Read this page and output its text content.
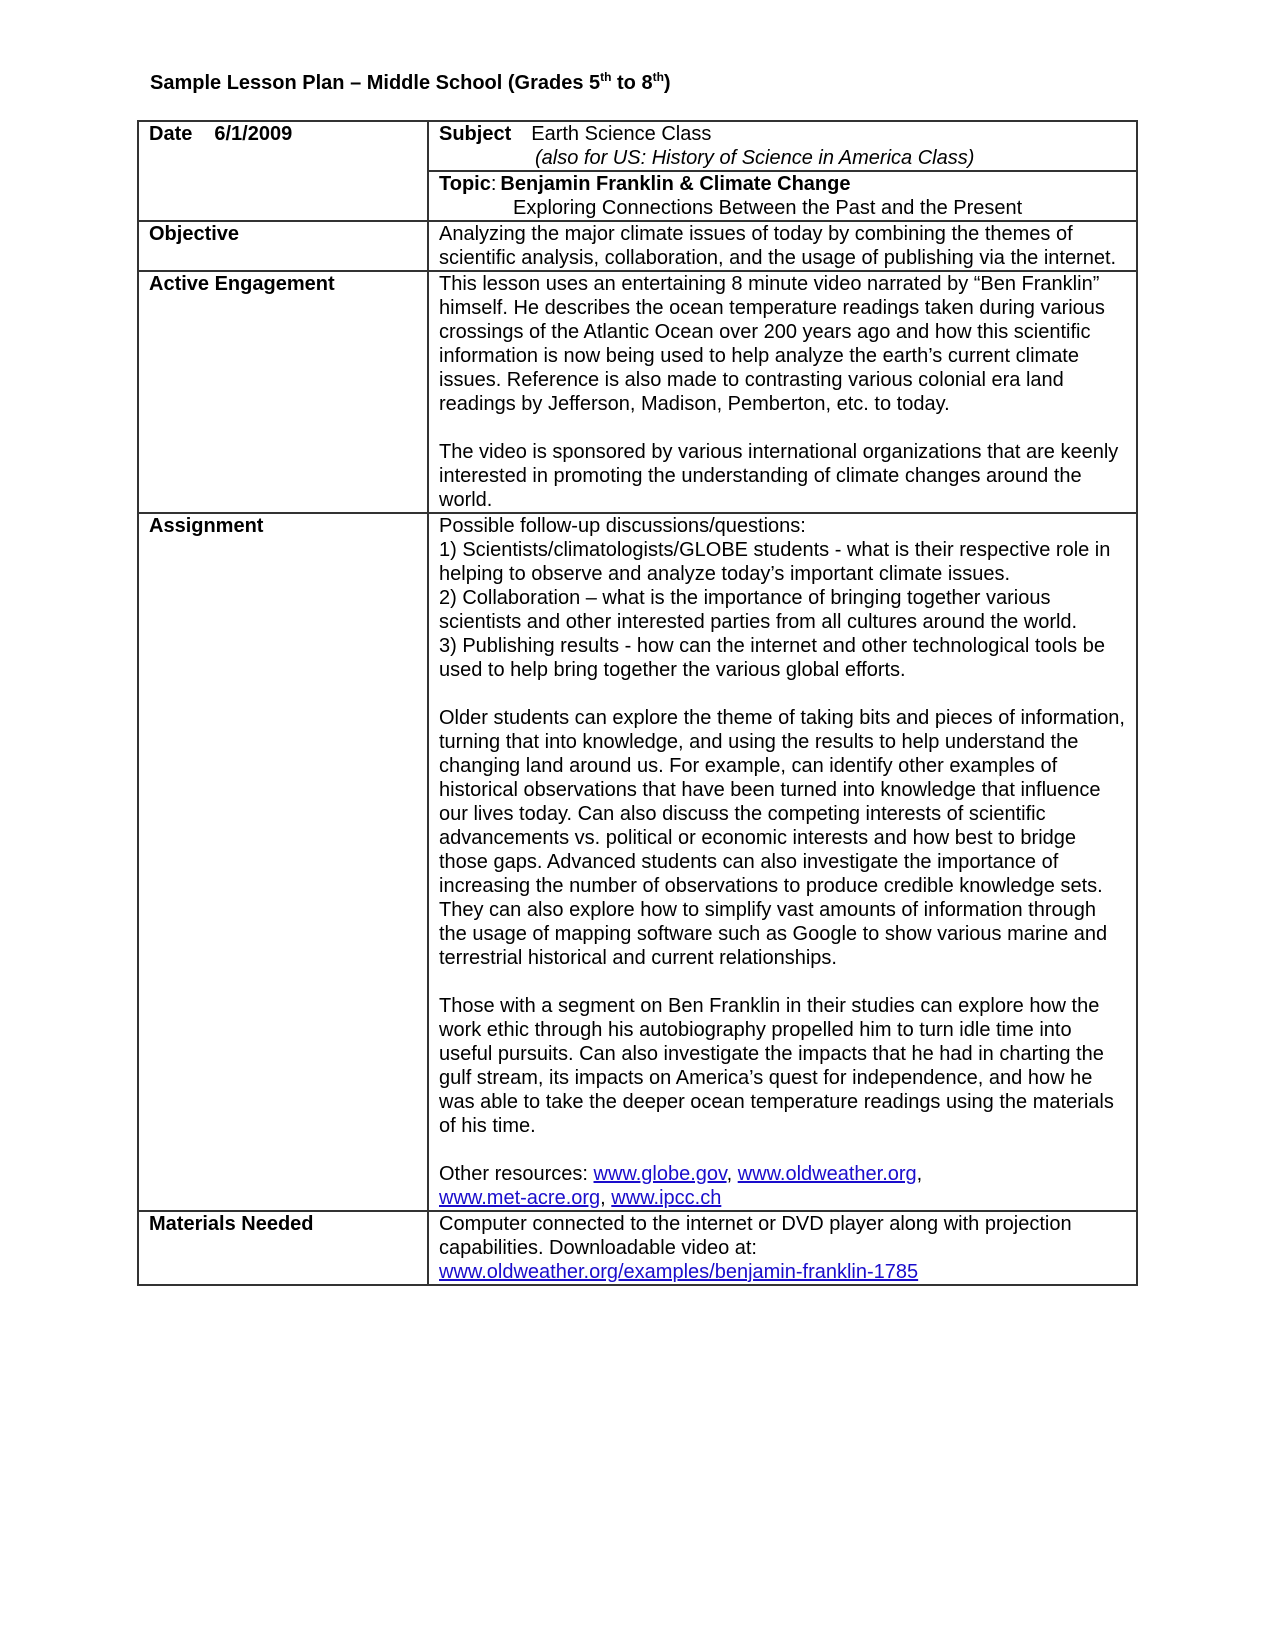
Sample Lesson Plan – Middle School (Grades 5th to 8th)
Date 6/1/2009	Subject Earth Science Class
(also for US: History of Science in America Class)

	Topic: Benjamin Franklin & Climate Change
Exploring Connections Between the Past and the Present

Objective	Analyzing the major climate issues of today by combining the themes of scientific analysis, collaboration, and the usage of publishing via the internet.
Active Engagement	This lesson uses an entertaining 8 minute video narrated by “Ben Franklin” himself. He describes the ocean temperature readings taken during various crossings of the Atlantic Ocean over 200 years ago and how this scientific information is now being used to help analyze the earth’s current climate issues. Reference is also made to contrasting various colonial era land readings by Jefferson, Madison, Pemberton, etc. to today.
The video is sponsored by various international organizations that are keenly interested in promoting the understanding of climate changes around the world.

Assignment	Possible follow-up discussions/questions:
1) Scientists/climatologists/GLOBE students - what is their respective role in helping to observe and analyze today’s important climate issues.
2) Collaboration – what is the importance of bringing together various scientists and other interested parties from all cultures around the world.
3) Publishing results - how can the internet and other technological tools be used to help bring together the various global efforts.
Older students can explore the theme of taking bits and pieces of information, turning that into knowledge, and using the results to help understand the changing land around us. For example, can identify other examples of historical observations that have been turned into knowledge that influence our lives today. Can also discuss the competing interests of scientific advancements vs. political or economic interests and how best to bridge those gaps. Advanced students can also investigate the importance of increasing the number of observations to produce credible knowledge sets. They can also explore how to simplify vast amounts of information through the usage of mapping software such as Google to show various marine and terrestrial historical and current relationships.
Those with a segment on Ben Franklin in their studies can explore how the work ethic through his autobiography propelled him to turn idle time into useful pursuits. Can also investigate the impacts that he had in charting the gulf stream, its impacts on America’s quest for independence, and how he was able to take the deeper ocean temperature readings using the materials of his time.
Other resources: www.globe.gov, www.oldweather.org,
www.met-acre.org, www.ipcc.ch

Materials Needed	Computer connected to the internet or DVD player along with projection capabilities. Downloadable video at:
www.oldweather.org/examples/benjamin-franklin-1785
